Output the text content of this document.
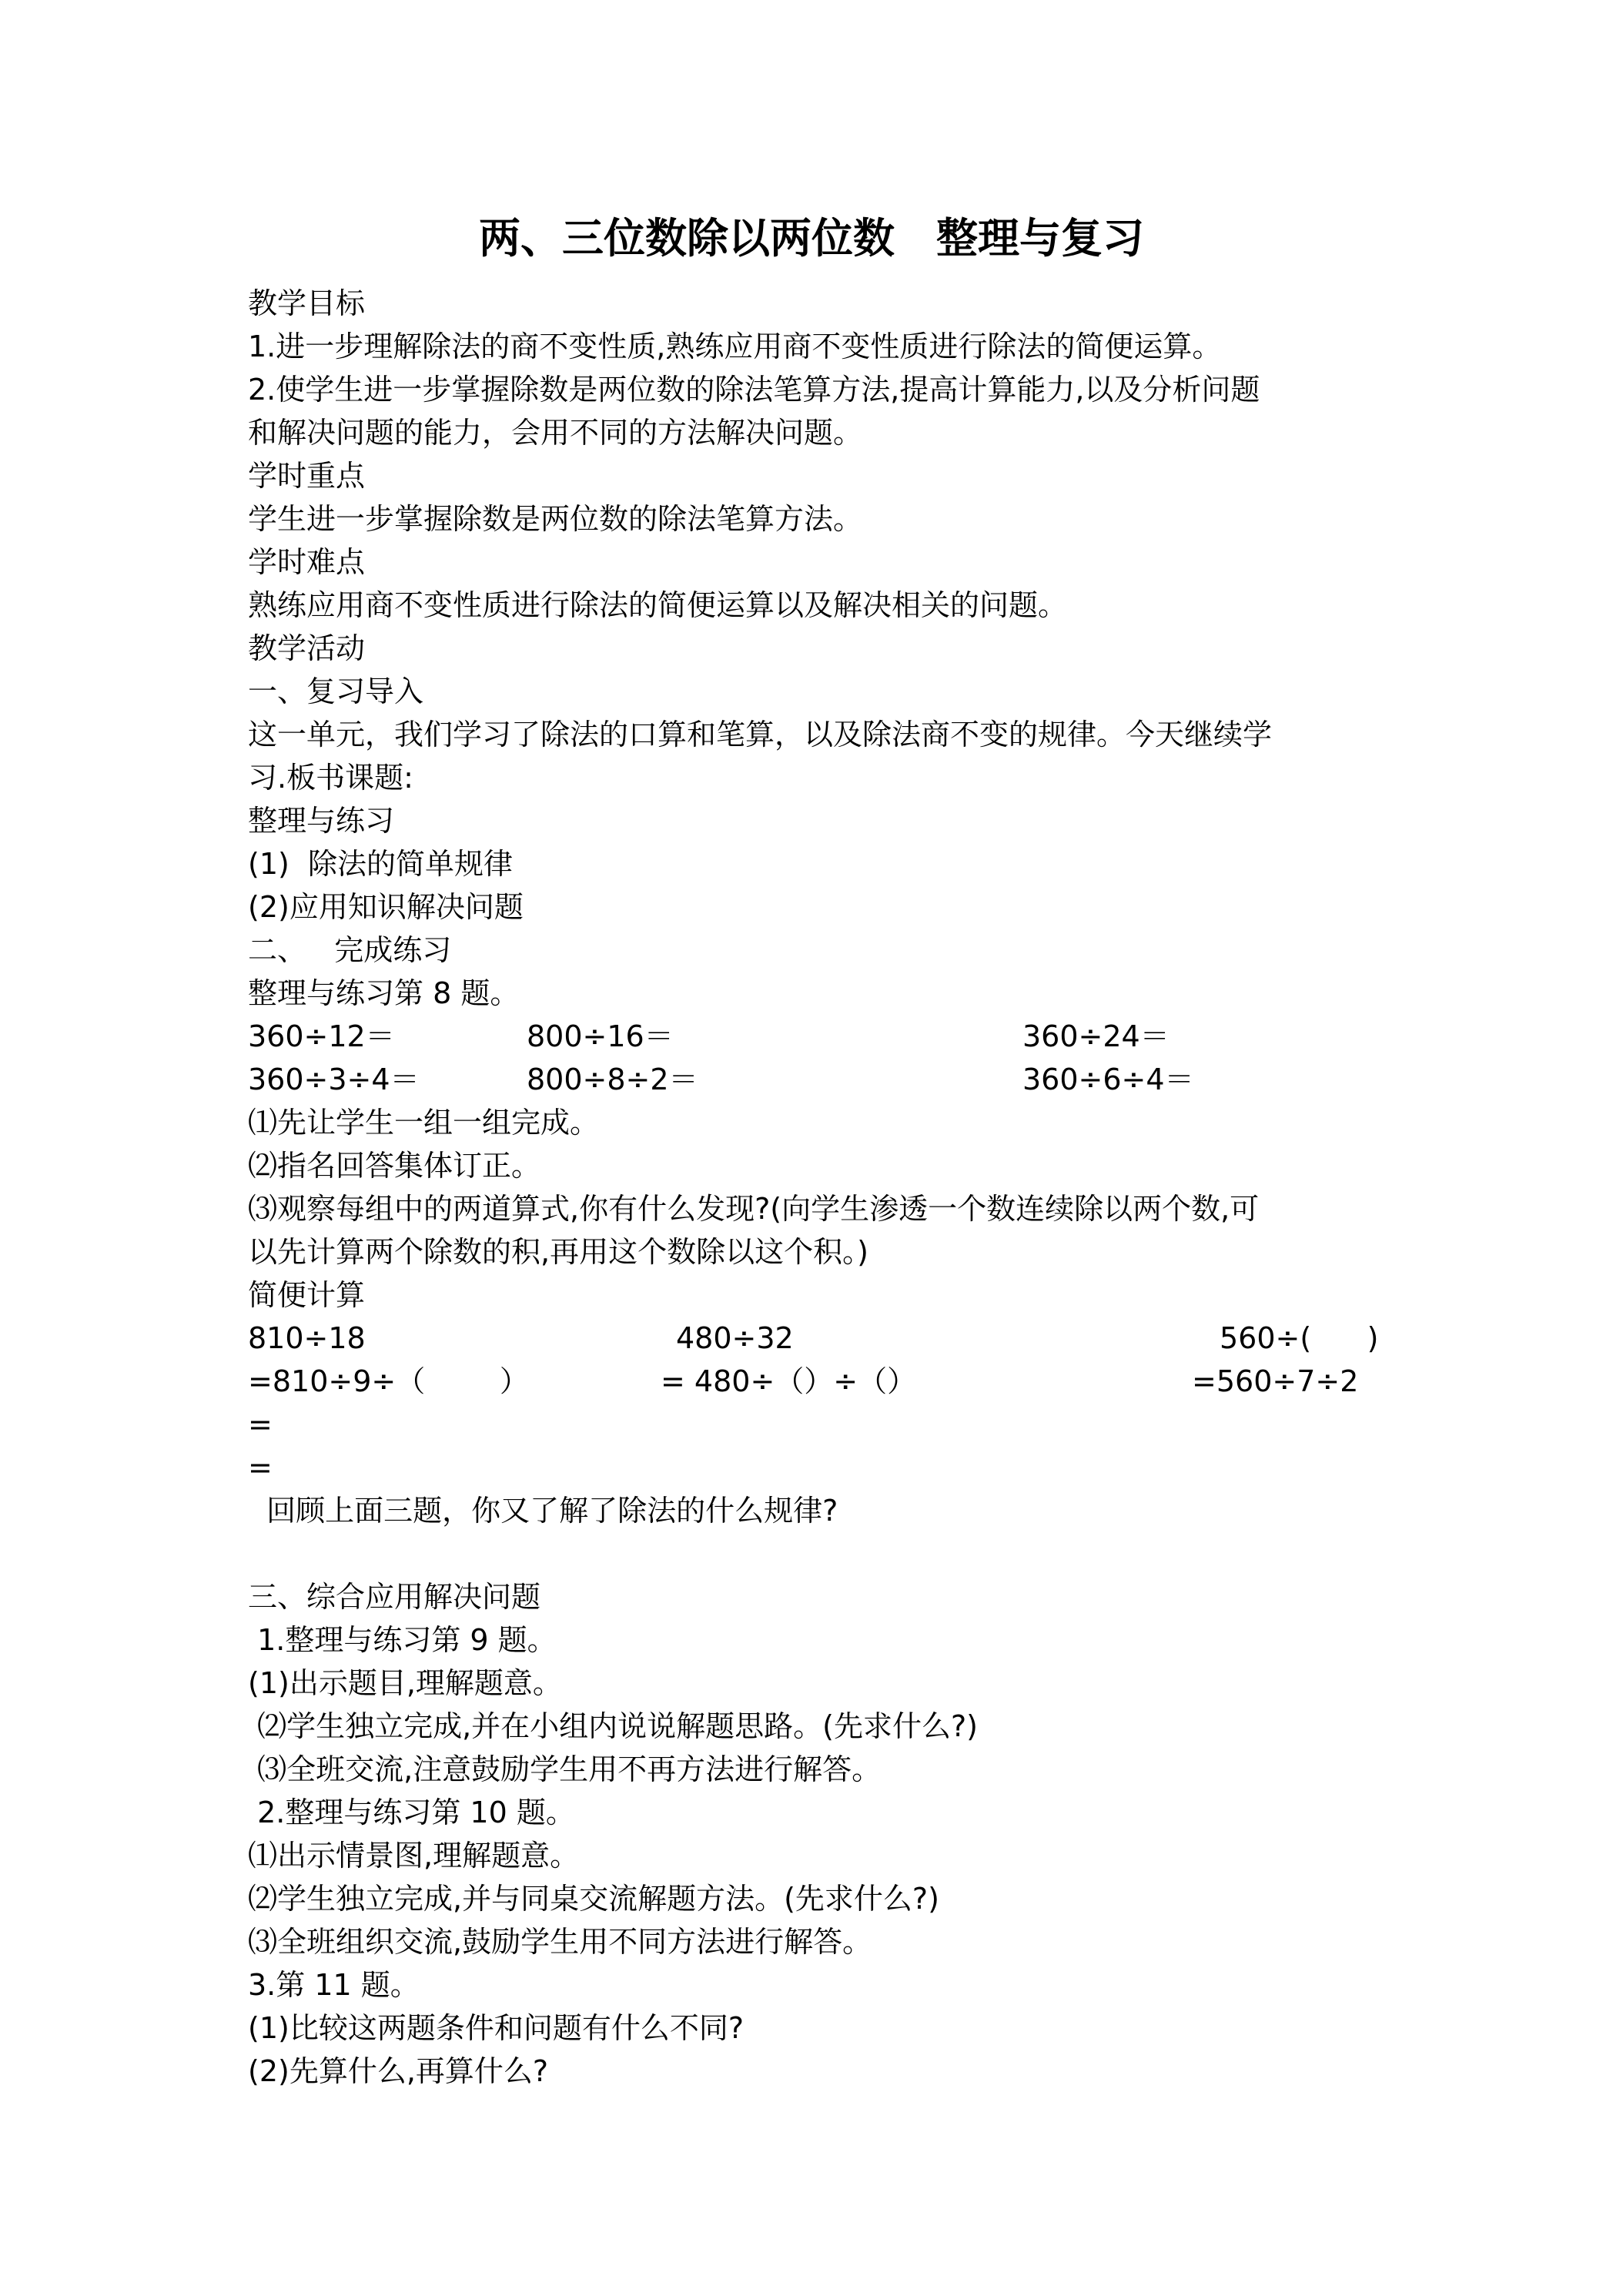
两、三位数除以两位数　整理与复习
教学目标
1.进一步理解除法的商不变性质,熟练应用商不变性质进行除法的简便运算。
2.使学生进一步掌握除数是两位数的除法笔算方法,提高计算能力,以及分析问题
和解决问题的能力，会用不同的方法解决问题。
学时重点
学生进一步掌握除数是两位数的除法笔算方法。
学时难点
熟练应用商不变性质进行除法的简便运算以及解决相关的问题。
教学活动
一、复习导入
这一单元，我们学习了除法的口算和笔算，以及除法商不变的规律。今天继续学
习.板书课题:
整理与练习
(1)  除法的简单规律
(2)应用知识解决问题
二、   完成练习
整理与练习第 8 题。
360÷12＝	800÷16＝	360÷24＝
360÷3÷4＝	800÷8÷2＝	360÷6÷4＝
⑴先让学生一组一组完成。
⑵指名回答集体订正。
⑶观察每组中的两道算式,你有什么发现?(向学生渗透一个数连续除以两个数,可
以先计算两个除数的积,再用这个数除以这个积。)
简便计算
810÷18	480÷32	560÷(      )
=810÷9÷（        ）	= 480÷（）÷（）	=560÷7÷2
=
=
回顾上面三题，你又了解了除法的什么规律?
三、综合应用解决问题
1.整理与练习第 9 题。
(1)出示题目,理解题意。
⑵学生独立完成,并在小组内说说解题思路。(先求什么?)
⑶全班交流,注意鼓励学生用不再方法进行解答。
2.整理与练习第 10 题。
⑴出示情景图,理解题意。
⑵学生独立完成,并与同桌交流解题方法。(先求什么?)
⑶全班组织交流,鼓励学生用不同方法进行解答。
3.第 11 题。
(1)比较这两题条件和问题有什么不同?
(2)先算什么,再算什么?
